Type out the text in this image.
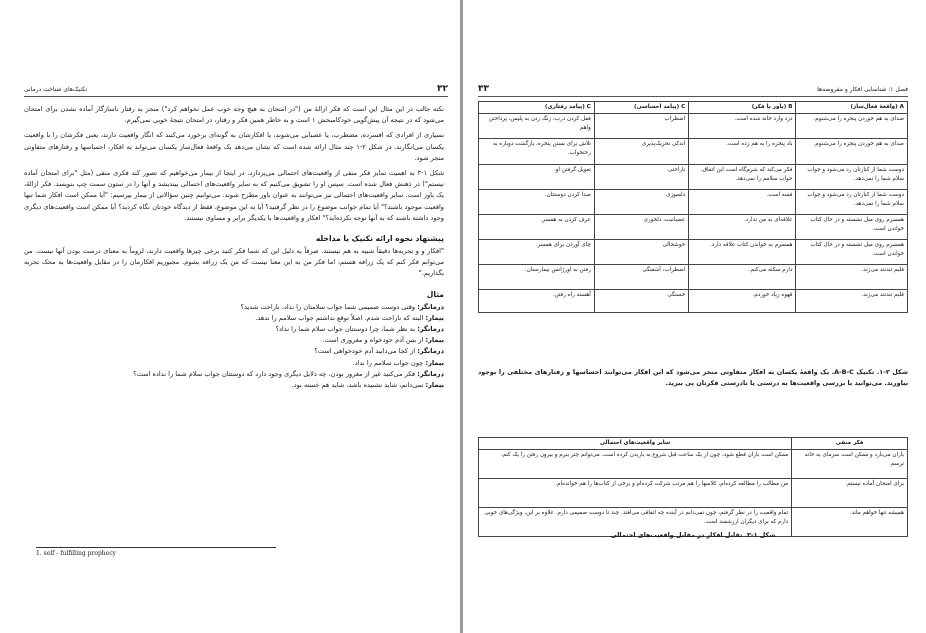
۳۲
تکنیک‌های شناخت درمانی

نکته جالب در این مثال این است که فکر ازالهٔ من ("در امتحان به هیچ وجه خوب عمل نخواهم کرد") منجر به رفتار ناسازگار آماده نشدن برای امتحان می‌شود که در نتیجه آن پیش‌گویی خودکامبخش ۱ است و به خاطر همین فکر و رفتار، در امتحان نتیجهٔ خوبی نمی‌گیرم.

بسیاری از افرادی که افسرده، مضطرب، یا عصبانی می‌شوند، یا افکارشان به گونه‌ای برخورد می‌کنند که انگار واقعیت دارند، یعنی فکرشان را با واقعیت یکسان می‌انگارند. در شکل ۲-۱ چند مثال ارائه شده است که نشان می‌دهد یک واقعهٔ فعال‌ساز یکسان می‌تواند به افکار، احساسها و رفتارهای متفاوتی منجر شود.

شکل ۱-۳ به اهمیت تمایز فکر منفی از واقعیت‌های احتمالی می‌پردازد. در اینجا از بیمار می‌خواهیم که تصور کند فکری منفی (مثل "برای امتحان آماده نیستم") در ذهنش فعال شده است. سپس او را تشویق می‌کنیم که به سایر واقعیت‌های احتمالی بیندیشد و آنها را در ستون سمت چپ بنویسد. فکر ازالهٔ، یک باور است. سایر واقعیت‌های احتمالی نیز می‌توانند به عنوان باور مطرح شوند. می‌توانیم چنین سؤالاتی از بیمار بپرسیم: "آیا ممکن است افکار شما تنها واقعیت موجود باشند؟" آیا تمام جوانب موضوع را در نظر گرفتید؟ آیا به این موضوع، فقط از دیدگاه خودتان نگاه کردید؟ آیا ممکن است واقعیت‌های دیگری وجود داشته باشند که به آنها توجه نکرده‌اید؟" افکار و واقعیت‌ها با یکدیگر برابر و مساوی نیستند.

پیشنهاد نحوه ارائه تکنیک یا مداخله

"افکار و و تجربه‌ها دقیقاً شبیه به هم نیستند. صرفاً به دلیل این که شما فکر کنید برخی چیزها واقعیت دارند، لزوماً به معنای درست بودن آنها نیست. من می‌توانم فکر کنم که یک زرافه هستم، اما فکر من به این معنا نیست که من یک زرافه بشوم. مجبوریم افکارمان را در مقابل واقعیت‌ها به محک تجربه بگذاریم."

مثال

درمانگر: وقتی دوست صمیمی شما جواب سلامتان را نداد، ناراحت شدید؟

بیمار: البته که ناراحت شدم. اصلاً توقع نداشتم جواب سلامم را ندهد.

درمانگر: به نظر شما، چرا دوستتان جواب سلام شما را نداد؟

بیمار: از بس آدم خودخواه و مغروری است.

درمانگر: از کجا می‌دانید آدم خودخواهی است؟

بیمار: چون جواب سلامم را نداد.

درمانگر: فکر می‌کنید غیر از مغرور بودن، چه دلایل دیگری وجود دارد که دوستتان جواب سلام شما را نداده است؟

بیمار: نمی‌دانم، شاید نشنیده باشد، شاید هم خسته بود.

1. self - fulfilling prophecy
فصل ۱: شناسایی افکار و مفروضه‌ها
۳۳
A (واقعهٔ فعال‌ساز)	B (باور یا فکر)	C (پیامد احساسی)	C (پیامد رفتاری)
صدای به هم خوردن پنجره را می‌شنوم.	دزد وارد خانه شده است.	اضطراب	قفل کردن درب، زنگ زدن به پلیس، پرداختن واهم
صدای به هم خوردن پنجره را می‌شنوم.	باد پنجره را به هم زده است.	اندکی تحریک‌پذیری	تلاش برای بستن پنجره، بازگشت دوباره به رختخواب.
دوست شما از کنارتان رد می‌شود و جواب سلام شما را نمی‌دهد.	فکر می‌کند که شرم‌گاه است این اتفاق، جواب سلامم را نمی‌دهد.	ناراحتی	تعویل گرفتن او.
دوست شما از کنارتان رد می‌شود و جواب سلام شما را نمی‌دهد.	فسه است.	دلسوزی	صدا کردن دوستتان.
همسرم روی مبل نشسته و در حال کتاب خواندن است.	علاقه‌ای به من ندارد.	عصبانیت، دلخوری	عرف کردن به همسر.
همسرم روی مبل نشسته و در حال کتاب خواندن است.	همسرم به خواندن کتاب علاقه دارد.	خوشحالی	چای آوردن برای همسر.
قلبم تندتند می‌زند.	دارم سکته می‌کنم.	اضطراب، آشفتگی	رفتن به اورژانس بیمارستان.
قلبم تندتند می‌زند.	قهوه زیاد خوردم.	خستگی	آهسته راه رفتن.
شکل ۲-۱. تکنیک A-B-C. یک واقعهٔ یکسان به افکار متفاوتی منجر می‌شود که این افکار می‌توانند احساسها و رفتارهای مختلفی را بوجود بیاورند. می‌توانید با بررسی واقعیت‌ها به درستی یا نادرستی فکرتان پی ببرید.
فکر منفی	سایر واقعیت‌های احتمالی
باران می‌بارد و ممکن است سرمای به خانه ترسم.	ممکن است باران قطع شود، چون از یک ساعت قبل شروع به باریدن کرده است. می‌توانم چتر ببرم و بیرون رفتن را یک کنم.
برای امتحان آماده نیستم.	من مطالب را مطالعه کرده‌ام، کلاسها را هم مرتب شرکت کرده‌ام و برخی از کتاب‌ها را هم خوانده‌ام.
همیشه تنها خواهم ماند.	تمام واقعیت را در نظر گرفتم، چون نمی‌دانم در آینده چه اتفاقی می‌افتد. چند تا دوست صمیمی دارم. علاوه بر این، ویژگی‌های خوبی دارم که برای دیگران ارزشمند است.
شکل ۱-۳. تقابل افکار در مقابل واقعیت‌های احتمالی
